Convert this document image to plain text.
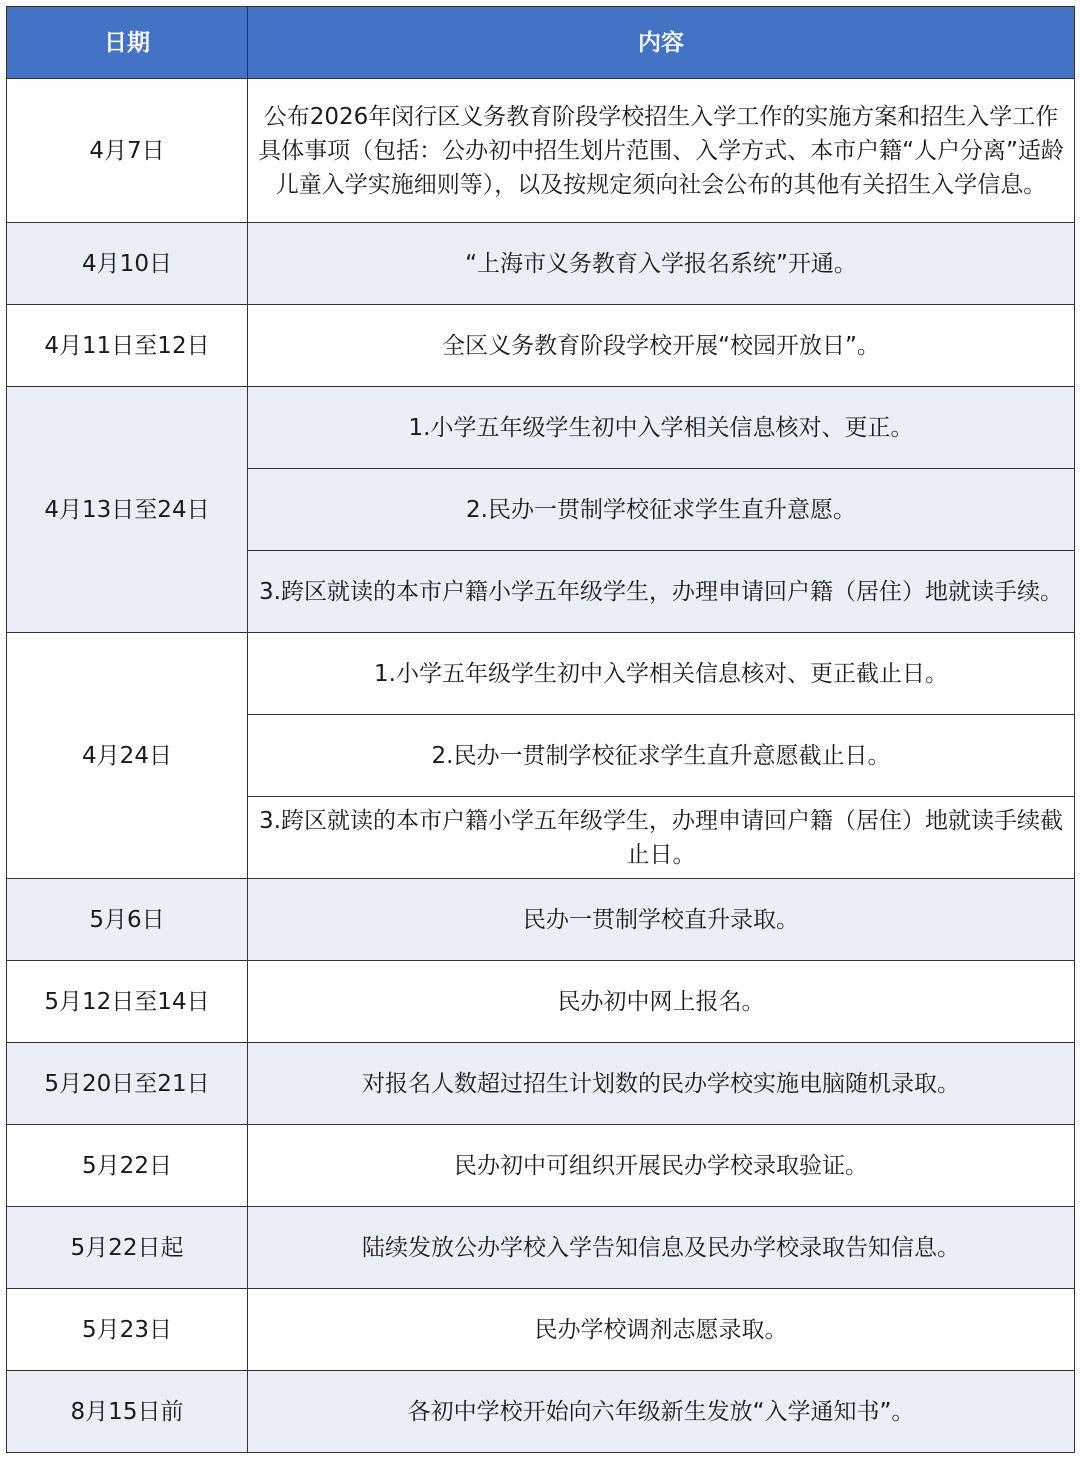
日期	内容
4月7日	公布2026年闵行区义务教育阶段学校招生入学工作的实施方案和招生入学工作具体事项（包括：公办初中招生划片范围、入学方式、本市户籍“人户分离”适龄儿童入学实施细则等），以及按规定须向社会公布的其他有关招生入学信息。
4月10日	“上海市义务教育入学报名系统”开通。
4月11日至12日	全区义务教育阶段学校开展“校园开放日”。
4月13日至24日	1.小学五年级学生初中入学相关信息核对、更正。
	2.民办一贯制学校征求学生直升意愿。
	3.跨区就读的本市户籍小学五年级学生，办理申请回户籍（居住）地就读手续。
4月24日	1.小学五年级学生初中入学相关信息核对、更正截止日。
	2.民办一贯制学校征求学生直升意愿截止日。
	3.跨区就读的本市户籍小学五年级学生，办理申请回户籍（居住）地就读手续截止日。
5月6日	民办一贯制学校直升录取。
5月12日至14日	民办初中网上报名。
5月20日至21日	对报名人数超过招生计划数的民办学校实施电脑随机录取。
5月22日	民办初中可组织开展民办学校录取验证。
5月22日起	陆续发放公办学校入学告知信息及民办学校录取告知信息。
5月23日	民办学校调剂志愿录取。
8月15日前	各初中学校开始向六年级新生发放“入学通知书”。
